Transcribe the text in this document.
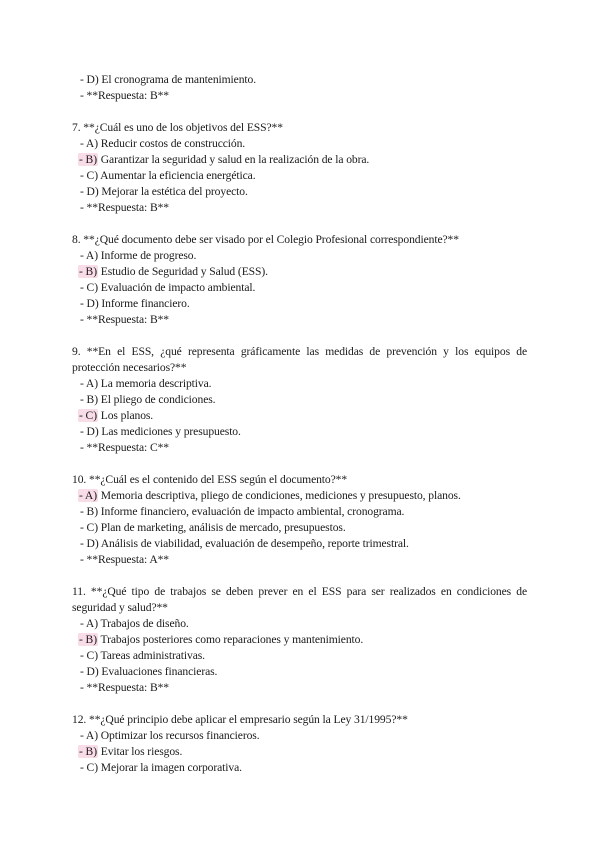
- D) El cronograma de mantenimiento.
- **Respuesta: B**
7. **¿Cuál es uno de los objetivos del ESS?**
- A) Reducir costos de construcción.
- B) Garantizar la seguridad y salud en la realización de la obra.
- C) Aumentar la eficiencia energética.
- D) Mejorar la estética del proyecto.
- **Respuesta: B**
8. **¿Qué documento debe ser visado por el Colegio Profesional correspondiente?**
- A) Informe de progreso.
- B) Estudio de Seguridad y Salud (ESS).
- C) Evaluación de impacto ambiental.
- D) Informe financiero.
- **Respuesta: B**
9. **En el ESS, ¿qué representa gráficamente las medidas de prevención y los equipos de protección necesarios?**
- A) La memoria descriptiva.
- B) El pliego de condiciones.
- C) Los planos.
- D) Las mediciones y presupuesto.
- **Respuesta: C**
10. **¿Cuál es el contenido del ESS según el documento?**
- A) Memoria descriptiva, pliego de condiciones, mediciones y presupuesto, planos.
- B) Informe financiero, evaluación de impacto ambiental, cronograma.
- C) Plan de marketing, análisis de mercado, presupuestos.
- D) Análisis de viabilidad, evaluación de desempeño, reporte trimestral.
- **Respuesta: A**
11. **¿Qué tipo de trabajos se deben prever en el ESS para ser realizados en condiciones de seguridad y salud?**
- A) Trabajos de diseño.
- B) Trabajos posteriores como reparaciones y mantenimiento.
- C) Tareas administrativas.
- D) Evaluaciones financieras.
- **Respuesta: B**
12. **¿Qué principio debe aplicar el empresario según la Ley 31/1995?**
- A) Optimizar los recursos financieros.
- B) Evitar los riesgos.
- C) Mejorar la imagen corporativa.
